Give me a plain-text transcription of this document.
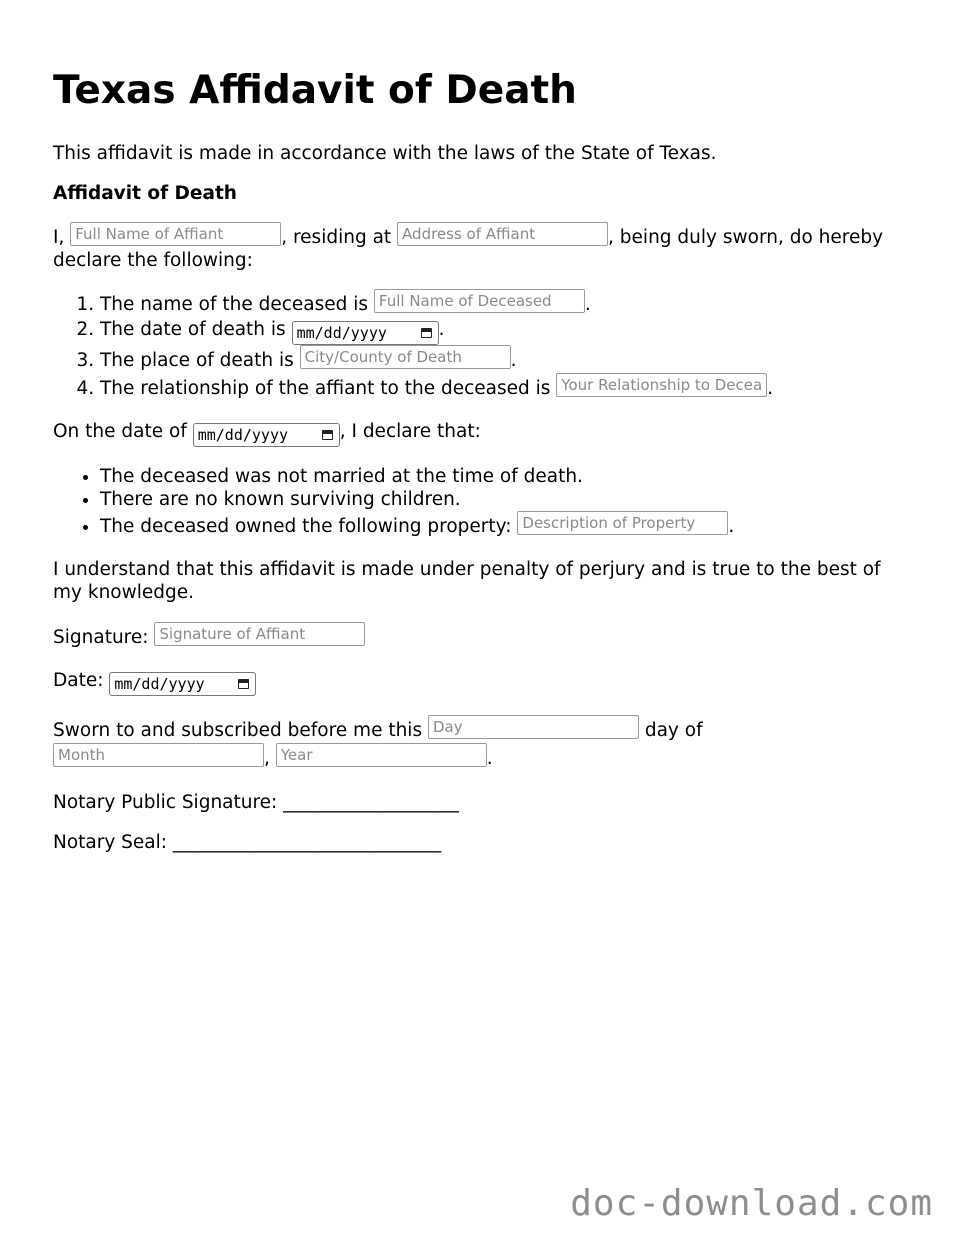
Texas Affidavit of Death

This affidavit is made in accordance with the laws of the State of Texas.

Affidavit of Death

I, Full Name of Affiant	, residing at Address of Affiant	, being duly sworn, do hereby declare the following:

1. The name of the deceased is Full Name of Deceased .
2. The date of death is mm/dd/yyyy	.
3. The place of death is City/County of Death	.
4. The relationship of the affiant to the deceased is Your Relationship to Decea .

On the date of mm/dd/yyyy	, I declare that:

• The deceased was not married at the time of death.
• There are no known surviving children.
• The deceased owned the following property: Description of Property .

I understand that this affidavit is made under penalty of perjury and is true to the best of my knowledge.

Signature: Signature of Affiant

Date: mm/dd/yyyy

Sworn to and subscribed before me this Day	day of
Month	, Year	.

Notary Public Signature: ___________________

Notary Seal: _____________________________

doc-download.com
